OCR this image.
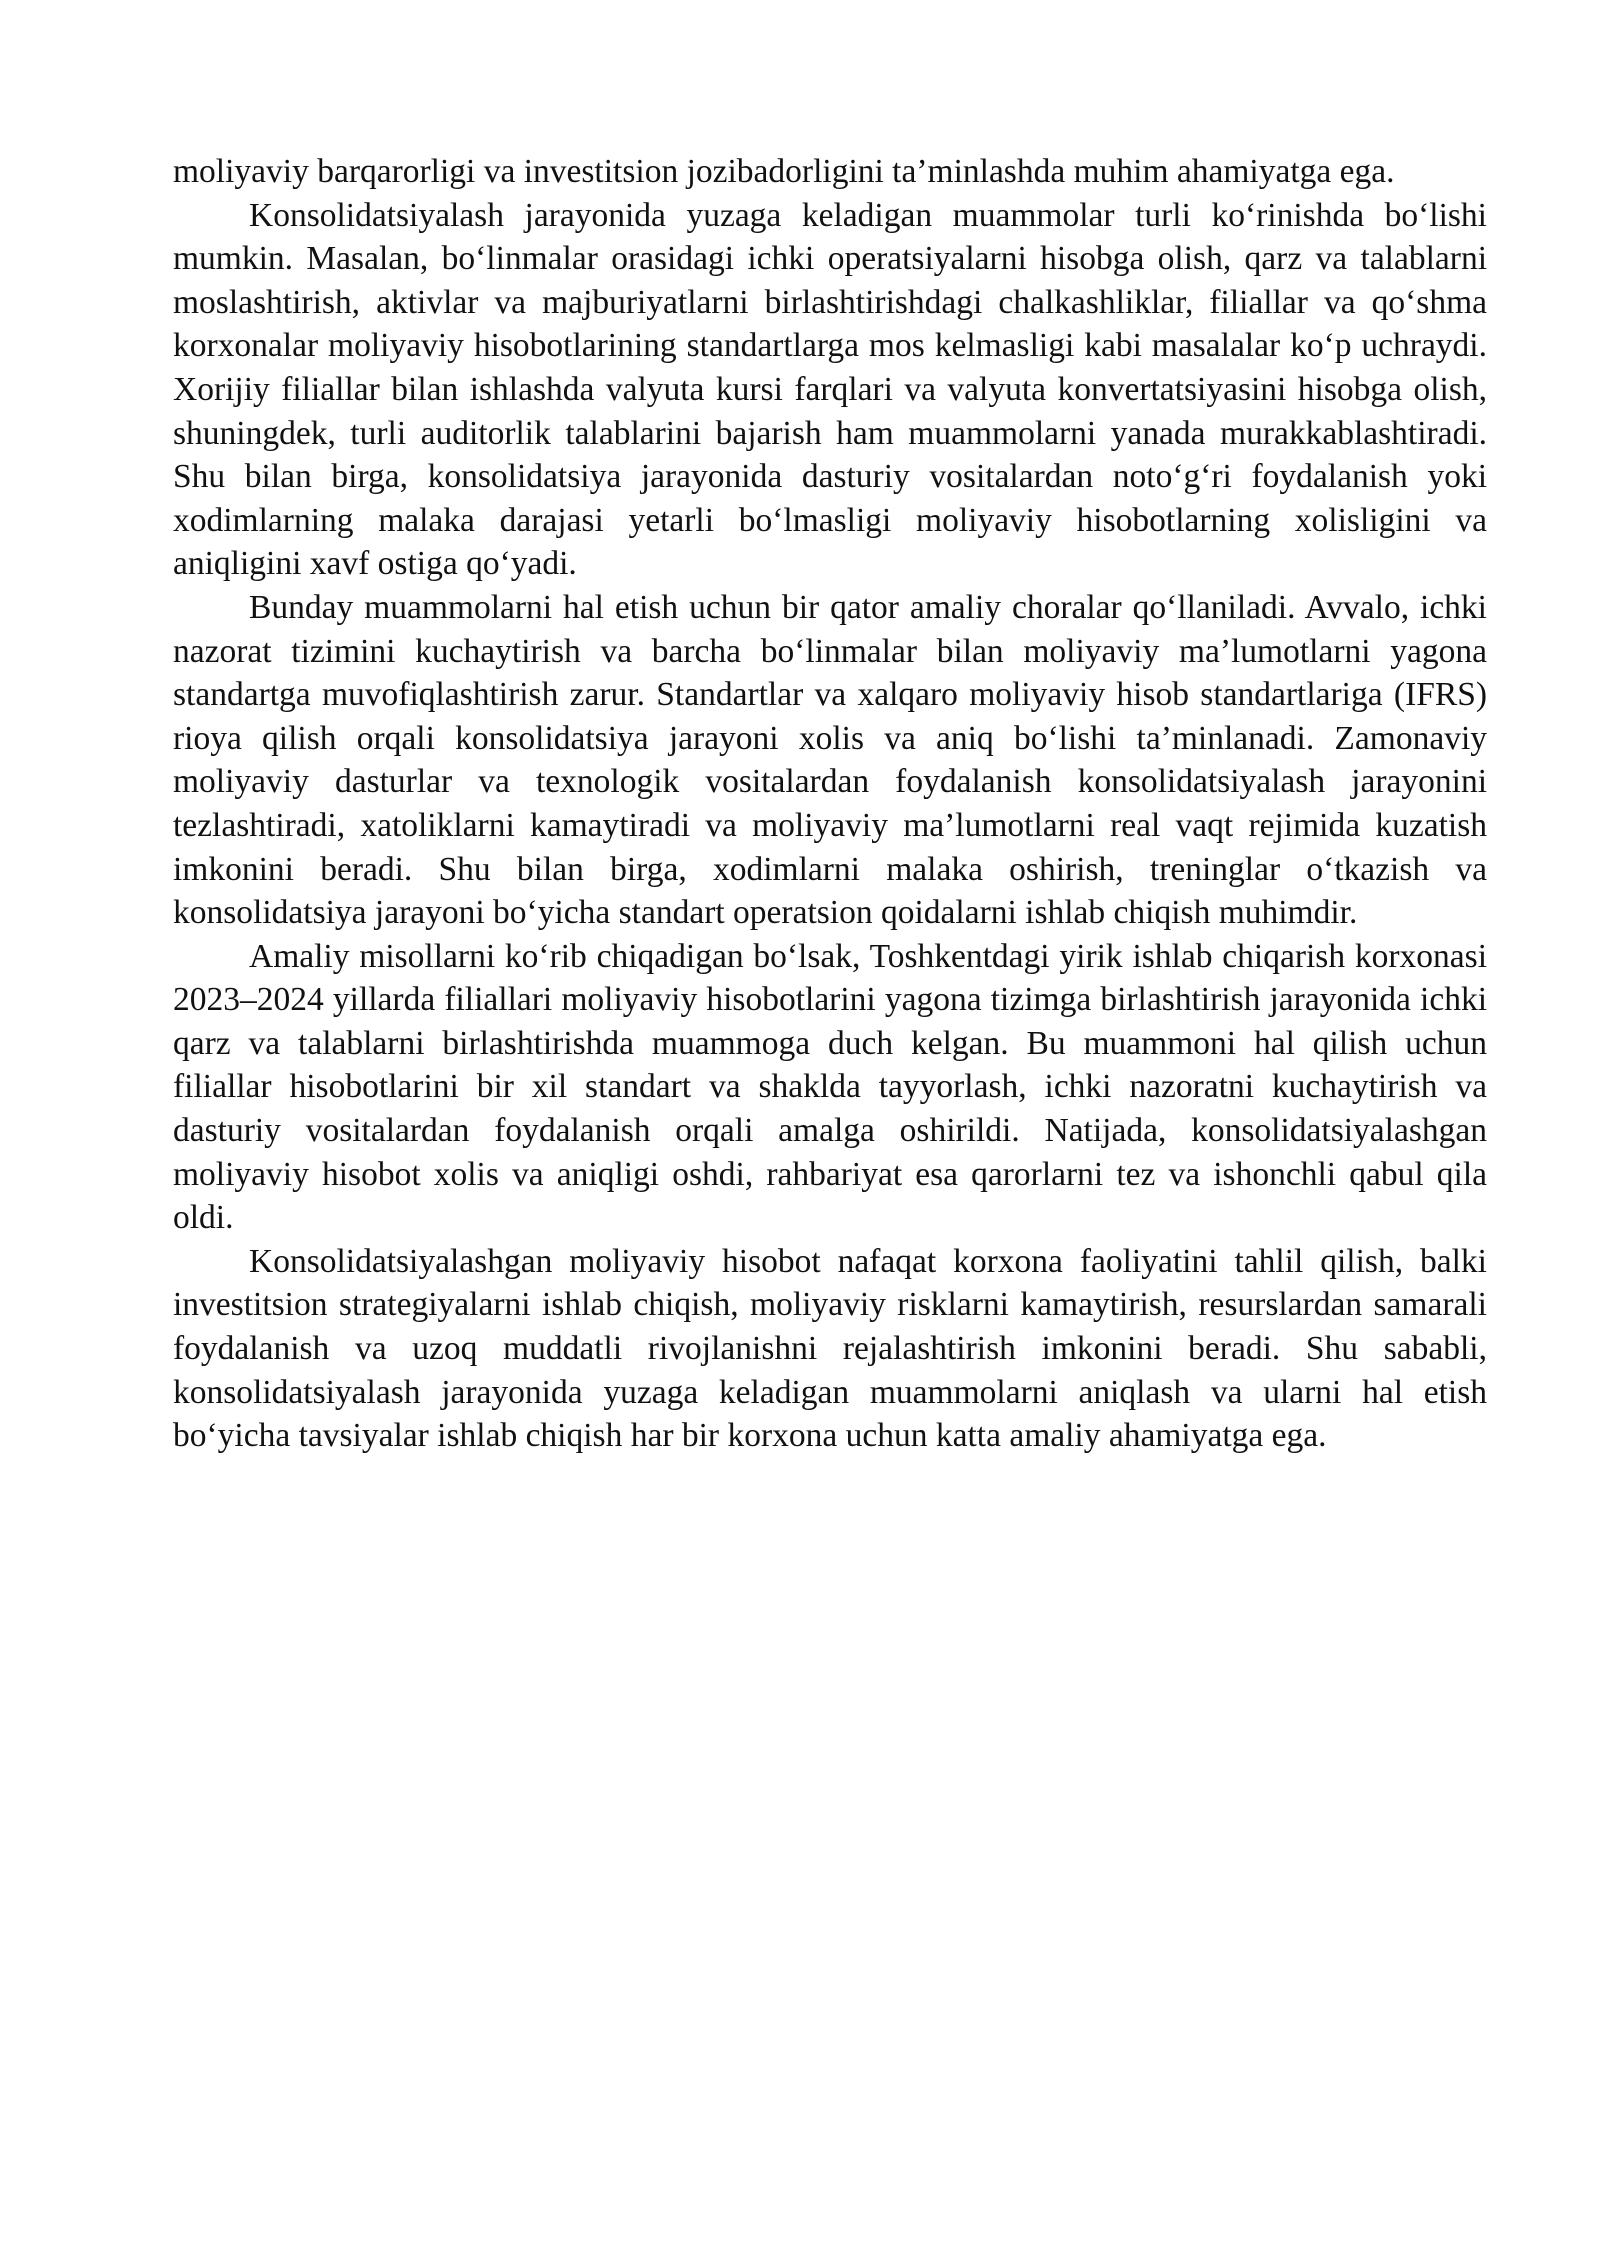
moliyaviy barqarorligi va investitsion jozibadorligini ta’minlashda muhim ahamiyatga ega.

Konsolidatsiyalash jarayonida yuzaga keladigan muammolar turli koʻrinishda boʻlishi mumkin. Masalan, boʻlinmalar orasidagi ichki operatsiyalarni hisobga olish, qarz va talablarni moslashtirish, aktivlar va majburiyatlarni birlashtirishdagi chalkashliklar, filiallar va qoʻshma korxonalar moliyaviy hisobotlarining standartlarga mos kelmasligi kabi masalalar koʻp uchraydi. Xorijiy filiallar bilan ishlashda valyuta kursi farqlari va valyuta konvertatsiyasini hisobga olish, shuningdek, turli auditorlik talablarini bajarish ham muammolarni yanada murakkablashtiradi. Shu bilan birga, konsolidatsiya jarayonida dasturiy vositalardan notoʻgʻri foydalanish yoki xodimlarning malaka darajasi yetarli boʻlmasligi moliyaviy hisobotlarning xolisligini va aniqligini xavf ostiga qoʻyadi.

Bunday muammolarni hal etish uchun bir qator amaliy choralar qoʻllaniladi. Avvalo, ichki nazorat tizimini kuchaytirish va barcha boʻlinmalar bilan moliyaviy ma’lumotlarni yagona standartga muvofiqlashtirish zarur. Standartlar va xalqaro moliyaviy hisob standartlariga (IFRS) rioya qilish orqali konsolidatsiya jarayoni xolis va aniq boʻlishi ta’minlanadi. Zamonaviy moliyaviy dasturlar va texnologik vositalardan foydalanish konsolidatsiyalash jarayonini tezlashtiradi, xatoliklarni kamaytiradi va moliyaviy ma’lumotlarni real vaqt rejimida kuzatish imkonini beradi. Shu bilan birga, xodimlarni malaka oshirish, treninglar oʻtkazish va konsolidatsiya jarayoni boʻyicha standart operatsion qoidalarni ishlab chiqish muhimdir.

Amaliy misollarni koʻrib chiqadigan boʻlsak, Toshkentdagi yirik ishlab chiqarish korxonasi 2023–2024 yillarda filiallari moliyaviy hisobotlarini yagona tizimga birlashtirish jarayonida ichki qarz va talablarni birlashtirishda muammoga duch kelgan. Bu muammoni hal qilish uchun filiallar hisobotlarini bir xil standart va shakldа tayyorlash, ichki nazoratni kuchaytirish va dasturiy vositalardan foydalanish orqali amalga oshirildi. Natijada, konsolidatsiyalashgan moliyaviy hisobot xolis va aniqligi oshdi, rahbariyat esa qarorlarni tez va ishonchli qabul qila oldi.

Konsolidatsiyalashgan moliyaviy hisobot nafaqat korxona faoliyatini tahlil qilish, balki investitsion strategiyalarni ishlab chiqish, moliyaviy risklarni kamaytirish, resurslardan samarali foydalanish va uzoq muddatli rivojlanishni rejalashtirish imkonini beradi. Shu sababli, konsolidatsiyalash jarayonida yuzaga keladigan muammolarni aniqlash va ularni hal etish boʻyicha tavsiyalar ishlab chiqish har bir korxona uchun katta amaliy ahamiyatga ega.
